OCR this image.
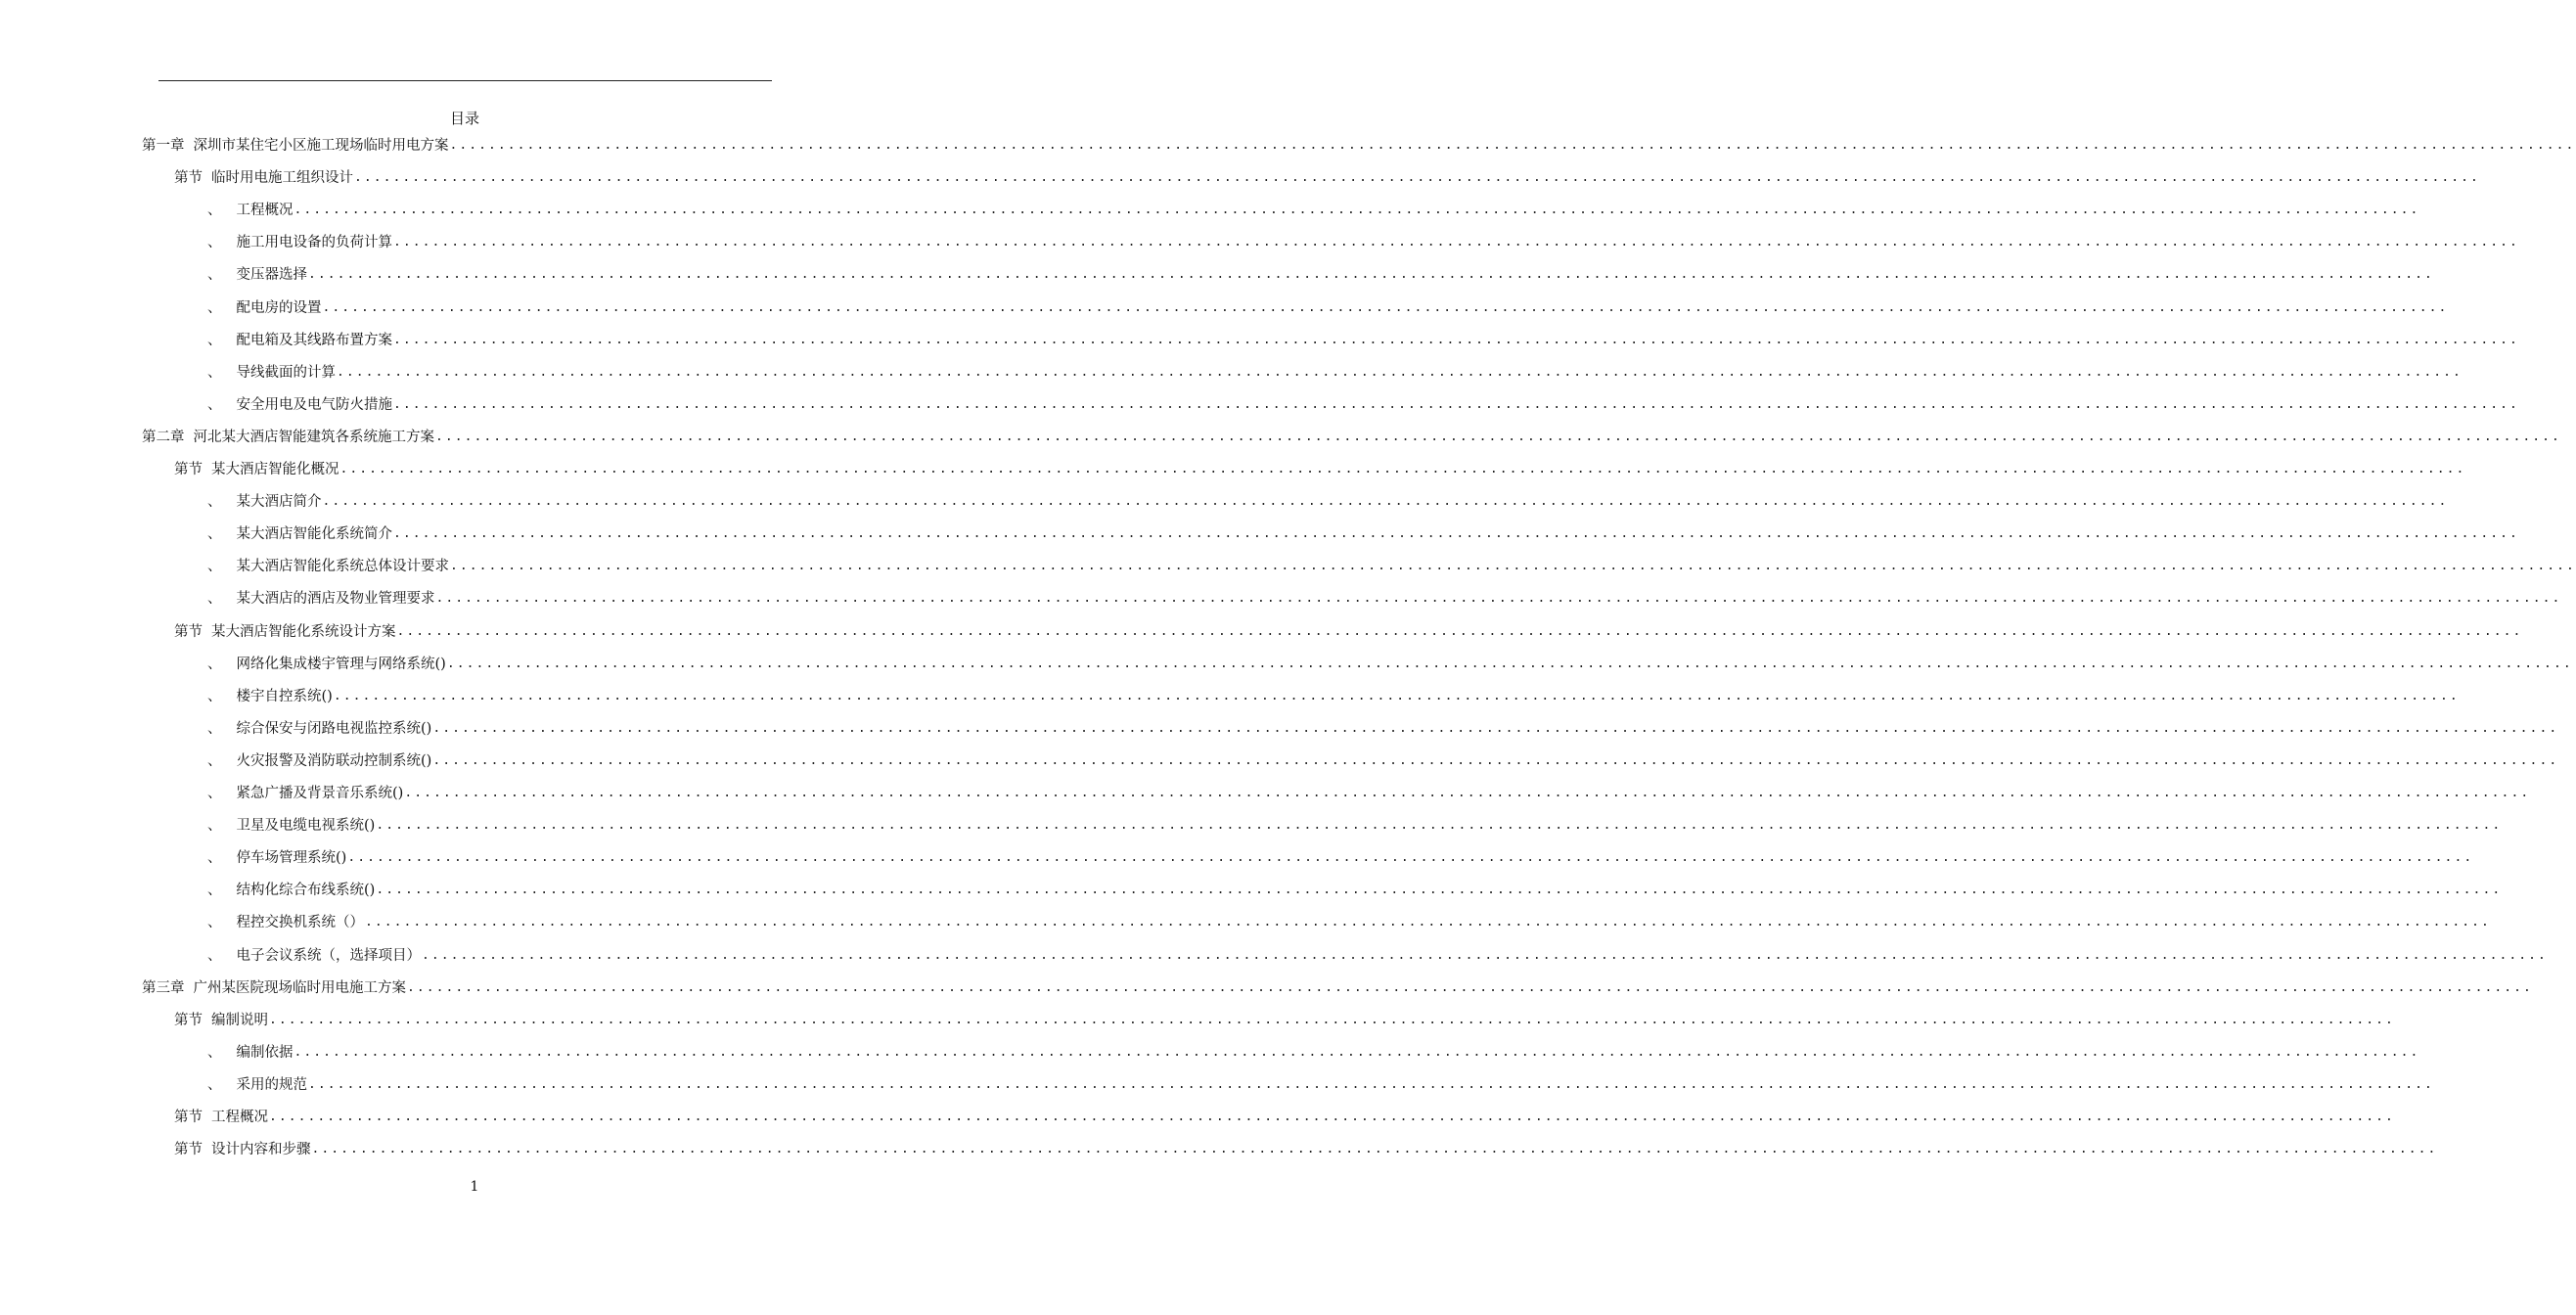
目录
第一章 深圳市某住宅小区施工现场临时用电方案 ............................................................................................................................................................................................................................
第节 临时用电施工组织设计 ............................................................................................................................................................................................................................
、 工程概况 ............................................................................................................................................................................................................................
、 施工用电设备的负荷计算 ............................................................................................................................................................................................................................
、 变压器选择 ............................................................................................................................................................................................................................
、 配电房的设置 ............................................................................................................................................................................................................................
、 配电箱及其线路布置方案 ............................................................................................................................................................................................................................
、 导线截面的计算 ............................................................................................................................................................................................................................
、 安全用电及电气防火措施 ............................................................................................................................................................................................................................
第二章 河北某大酒店智能建筑各系统施工方案 ............................................................................................................................................................................................................................
第节 某大酒店智能化概况 ............................................................................................................................................................................................................................
、 某大酒店简介 ............................................................................................................................................................................................................................
、 某大酒店智能化系统简介 ............................................................................................................................................................................................................................
、 某大酒店智能化系统总体设计要求 ............................................................................................................................................................................................................................
、 某大酒店的酒店及物业管理要求 ............................................................................................................................................................................................................................
第节 某大酒店智能化系统设计方案 ............................................................................................................................................................................................................................
、 网络化集成楼宇管理与网络系统() ............................................................................................................................................................................................................................
、 楼宇自控系统() ............................................................................................................................................................................................................................
、 综合保安与闭路电视监控系统() ............................................................................................................................................................................................................................
、 火灾报警及消防联动控制系统() ............................................................................................................................................................................................................................
、 紧急广播及背景音乐系统() ............................................................................................................................................................................................................................
、 卫星及电缆电视系统() ............................................................................................................................................................................................................................
、 停车场管理系统() ............................................................................................................................................................................................................................
、 结构化综合布线系统() ............................................................................................................................................................................................................................
、 程控交换机系统（） ............................................................................................................................................................................................................................
、 电子会议系统（，选择项目） ............................................................................................................................................................................................................................
第三章 广州某医院现场临时用电施工方案 ............................................................................................................................................................................................................................
第节 编制说明 ............................................................................................................................................................................................................................
、 编制依据 ............................................................................................................................................................................................................................
、 采用的规范 ............................................................................................................................................................................................................................
第节 工程概况 ............................................................................................................................................................................................................................
第节 设计内容和步骤 ............................................................................................................................................................................................................................
1
